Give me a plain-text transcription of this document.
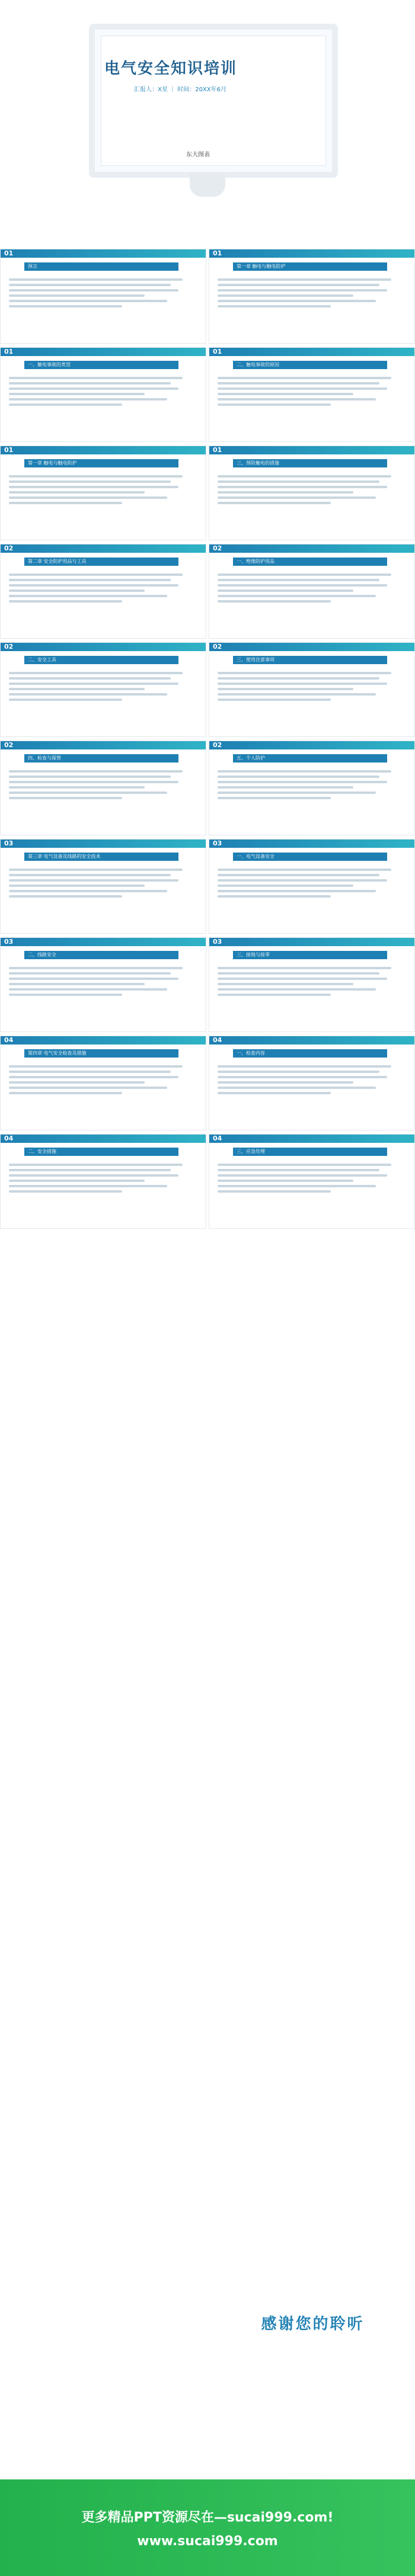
电气安全知识培训
汇报人：X星 ｜ 时间：20XX年6月
东大图表
01
预言
01
第一章 触电与触电防护
01
一、触电事故的类型
01
二、触电事故的原因
01
第一章 触电与触电防护
01
三、预防触电的措施
02
第二章 安全防护用品与工具
02
一、绝缘防护用品
02
二、安全工具
02
三、使用注意事项
02
四、检查与保管
02
五、个人防护
03
第三章 电气设备及线路的安全技术
03
一、电气设备安全
03
二、线路安全
03
三、接地与接零
04
第四章 电气安全检查及措施
04
一、检查内容
04
二、安全措施
04
三、应急处理
感谢您的聆听
更多精品PPT资源尽在—sucai999.com!
www.sucai999.com
